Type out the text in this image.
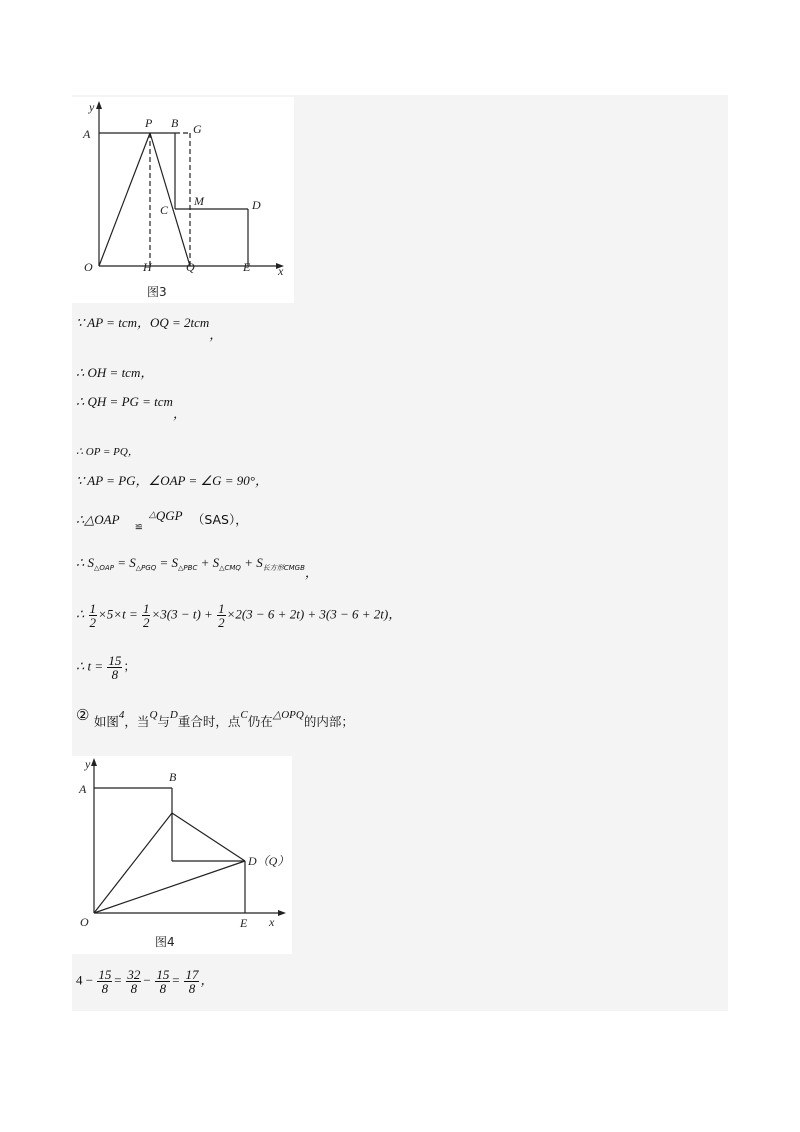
y
x
A
P B G
C
M	D
O	H	Q	E
图3
∵ AP = tcm，OQ = 2tcm，
∴ OH = tcm，
∴ QH = PG = tcm，
∴ OP = PQ，
∵ AP = PG，∠OAP = ∠G = 90°，
∴△OAP $_≌$△QGP （SAS），
∴ $S_{\triangle OAP} = S_{\triangle PGQ} = S_{\triangle PBC} + S_{\triangle CMQ} + S_{长方形CMGB}$，
∴ $\frac{1}{2} \times 5\times t = \frac{1}{2} \times 3(3 - t) + \frac{1}{2} \times 2(3 - 6 + 2t) + 3(3 - 6 + 2t)$，
∴ $t = \frac{15}{8}$ ；
② 如图$^4$，当$^Q$与$^D$重合时，点$^C$仍在$^{\triangle OPQ}$的内部；
y
x
A
B
D（Q）
O	E
图4
$4 - \frac{15}{8} = \frac{32}{8} - \frac{15}{8} = \frac{17}{8}$ ，
